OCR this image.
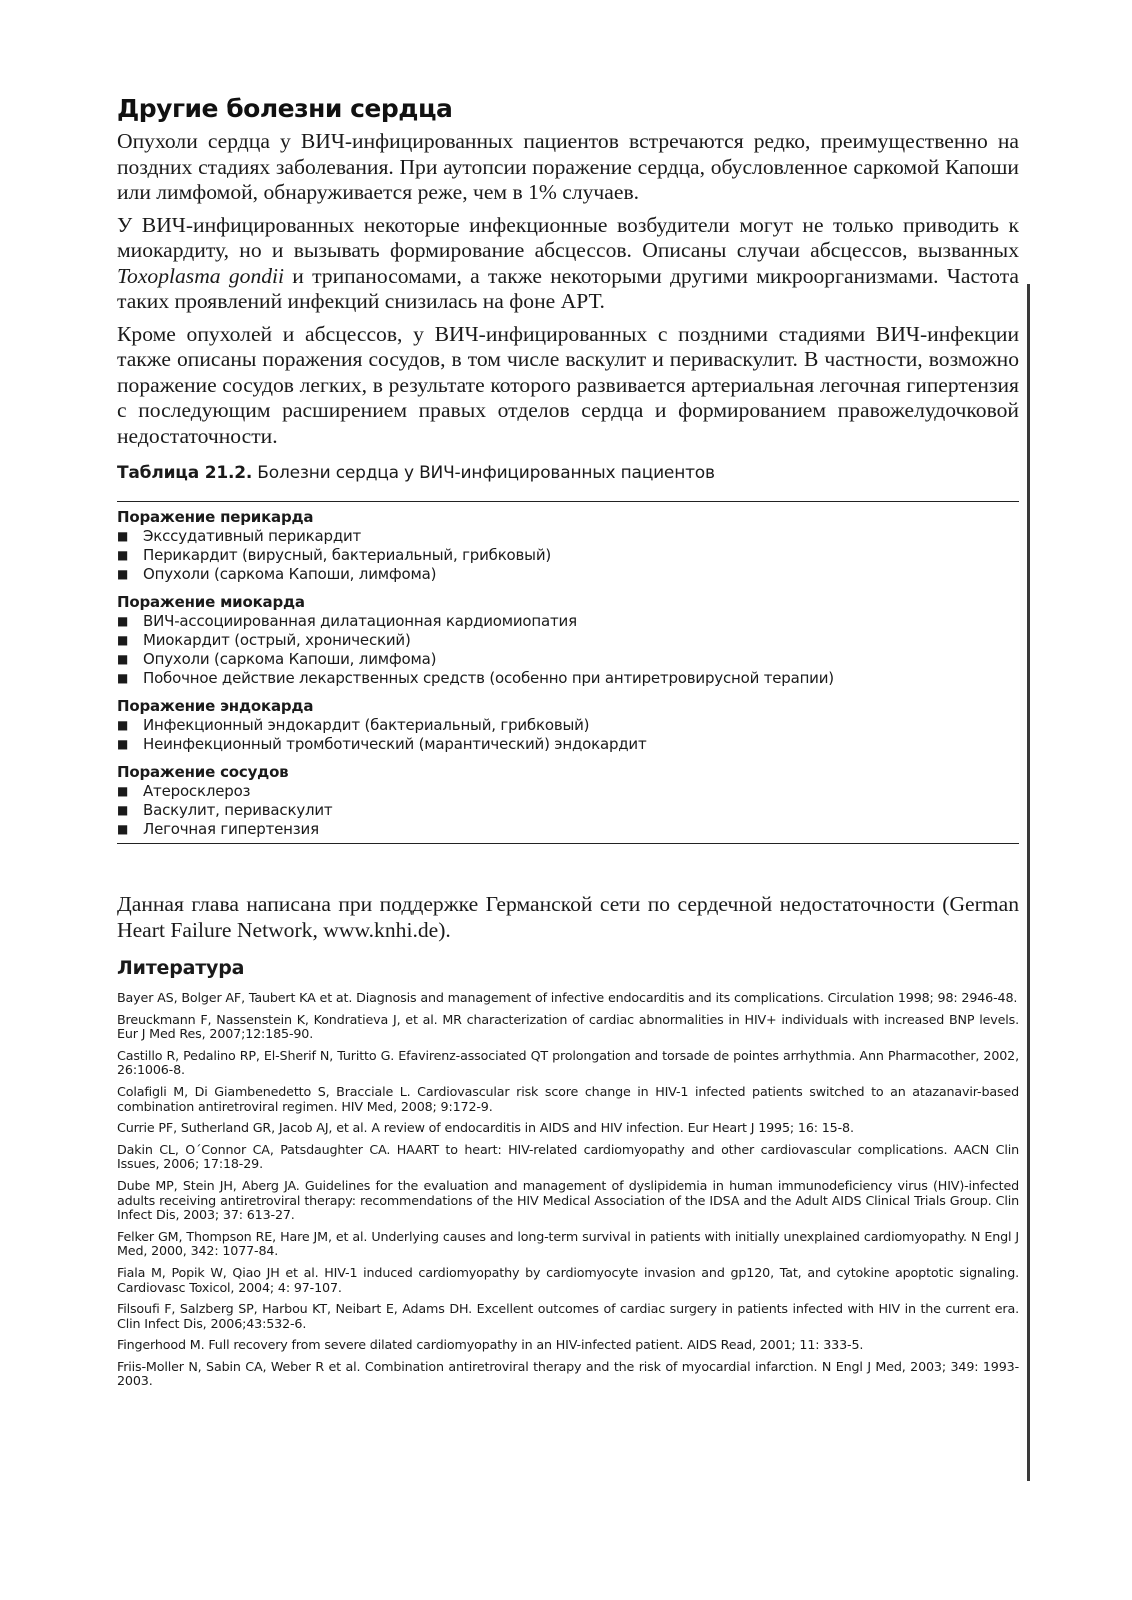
Другие болезни сердца

Опухоли сердца у ВИЧ-инфицированных пациентов встречаются редко, преимущественно на поздних стадиях заболевания. При аутопсии поражение сердца, обусловленное саркомой Капоши или лимфомой, обнаруживается реже, чем в 1% случаев.

У ВИЧ-инфицированных некоторые инфекционные возбудители могут не только приводить к миокардиту, но и вызывать формирование абсцессов. Описаны случаи абсцессов, вызванных Toxoplasma gondii и трипаносомами, а также некоторыми другими микроорганизмами. Частота таких проявлений инфекций снизилась на фоне АРТ.

Кроме опухолей и абсцессов, у ВИЧ-инфицированных с поздними стадиями ВИЧ-инфекции также описаны поражения сосудов, в том числе васкулит и периваскулит. В частности, возможно поражение сосудов легких, в результате которого развивается артериальная легочная гипертензия с последующим расширением правых отделов сердца и формированием правожелудочковой недостаточности.

Таблица 21.2. Болезни сердца у ВИЧ-инфицированных пациентов
Поражение перикарда
■ Экссудативный перикардит
■ Перикардит (вирусный, бактериальный, грибковый)
■ Опухоли (саркома Капоши, лимфома)
Поражение миокарда
■ ВИЧ-ассоциированная дилатационная кардиомиопатия
■ Миокардит (острый, хронический)
■ Опухоли (саркома Капоши, лимфома)
■ Побочное действие лекарственных средств (особенно при антиретровирусной терапии)
Поражение эндокарда
■ Инфекционный эндокардит (бактериальный, грибковый)
■ Неинфекционный тромботический (марантический) эндокардит
Поражение сосудов
■ Атеросклероз
■ Васкулит, периваскулит
■ Легочная гипертензия

Данная глава написана при поддержке Германской сети по сердечной недостаточности (German Heart Failure Network, www.knhi.de).

Литература
Bayer AS, Bolger AF, Taubert KA et at. Diagnosis and management of infective endocarditis and its complications. Circulation 1998; 98: 2946-48.
Breuckmann F, Nassenstein K, Kondratieva J, et al. MR characterization of cardiac abnormalities in HIV+ individuals with increased BNP levels. Eur J Med Res, 2007;12:185-90.
Castillo R, Pedalino RP, El-Sherif N, Turitto G. Efavirenz-associated QT prolongation and torsade de pointes arrhythmia. Ann Pharmacother, 2002, 26:1006-8.
Colafigli M, Di Giambenedetto S, Bracciale L. Cardiovascular risk score change in HIV-1 infected patients switched to an atazanavir-based combination antiretroviral regimen. HIV Med, 2008; 9:172-9.
Currie PF, Sutherland GR, Jacob AJ, et al. A review of endocarditis in AIDS and HIV infection. Eur Heart J 1995; 16: 15-8.
Dakin CL, O´Connor CA, Patsdaughter CA. HAART to heart: HIV-related cardiomyopathy and other cardiovascular complications. AACN Clin Issues, 2006; 17:18-29.
Dube MP, Stein JH, Aberg JA. Guidelines for the evaluation and management of dyslipidemia in human immunodeficiency virus (HIV)-infected adults receiving antiretroviral therapy: recommendations of the HIV Medical Association of the IDSA and the Adult AIDS Clinical Trials Group. Clin Infect Dis, 2003; 37: 613-27.
Felker GM, Thompson RE, Hare JM, et al. Underlying causes and long-term survival in patients with initially unexplained cardiomyopathy. N Engl J Med, 2000, 342: 1077-84.
Fiala M, Popik W, Qiao JH et al. HIV-1 induced cardiomyopathy by cardiomyocyte invasion and gp120, Tat, and cytokine apoptotic signaling. Cardiovasc Toxicol, 2004; 4: 97-107.
Filsoufi F, Salzberg SP, Harbou KT, Neibart E, Adams DH. Excellent outcomes of cardiac surgery in patients infected with HIV in the current era. Clin Infect Dis, 2006;43:532-6.
Fingerhood M. Full recovery from severe dilated cardiomyopathy in an HIV-infected patient. AIDS Read, 2001; 11: 333-5.
Friis-Moller N, Sabin CA, Weber R et al. Combination antiretroviral therapy and the risk of myocardial infarction. N Engl J Med, 2003; 349: 1993-2003.
